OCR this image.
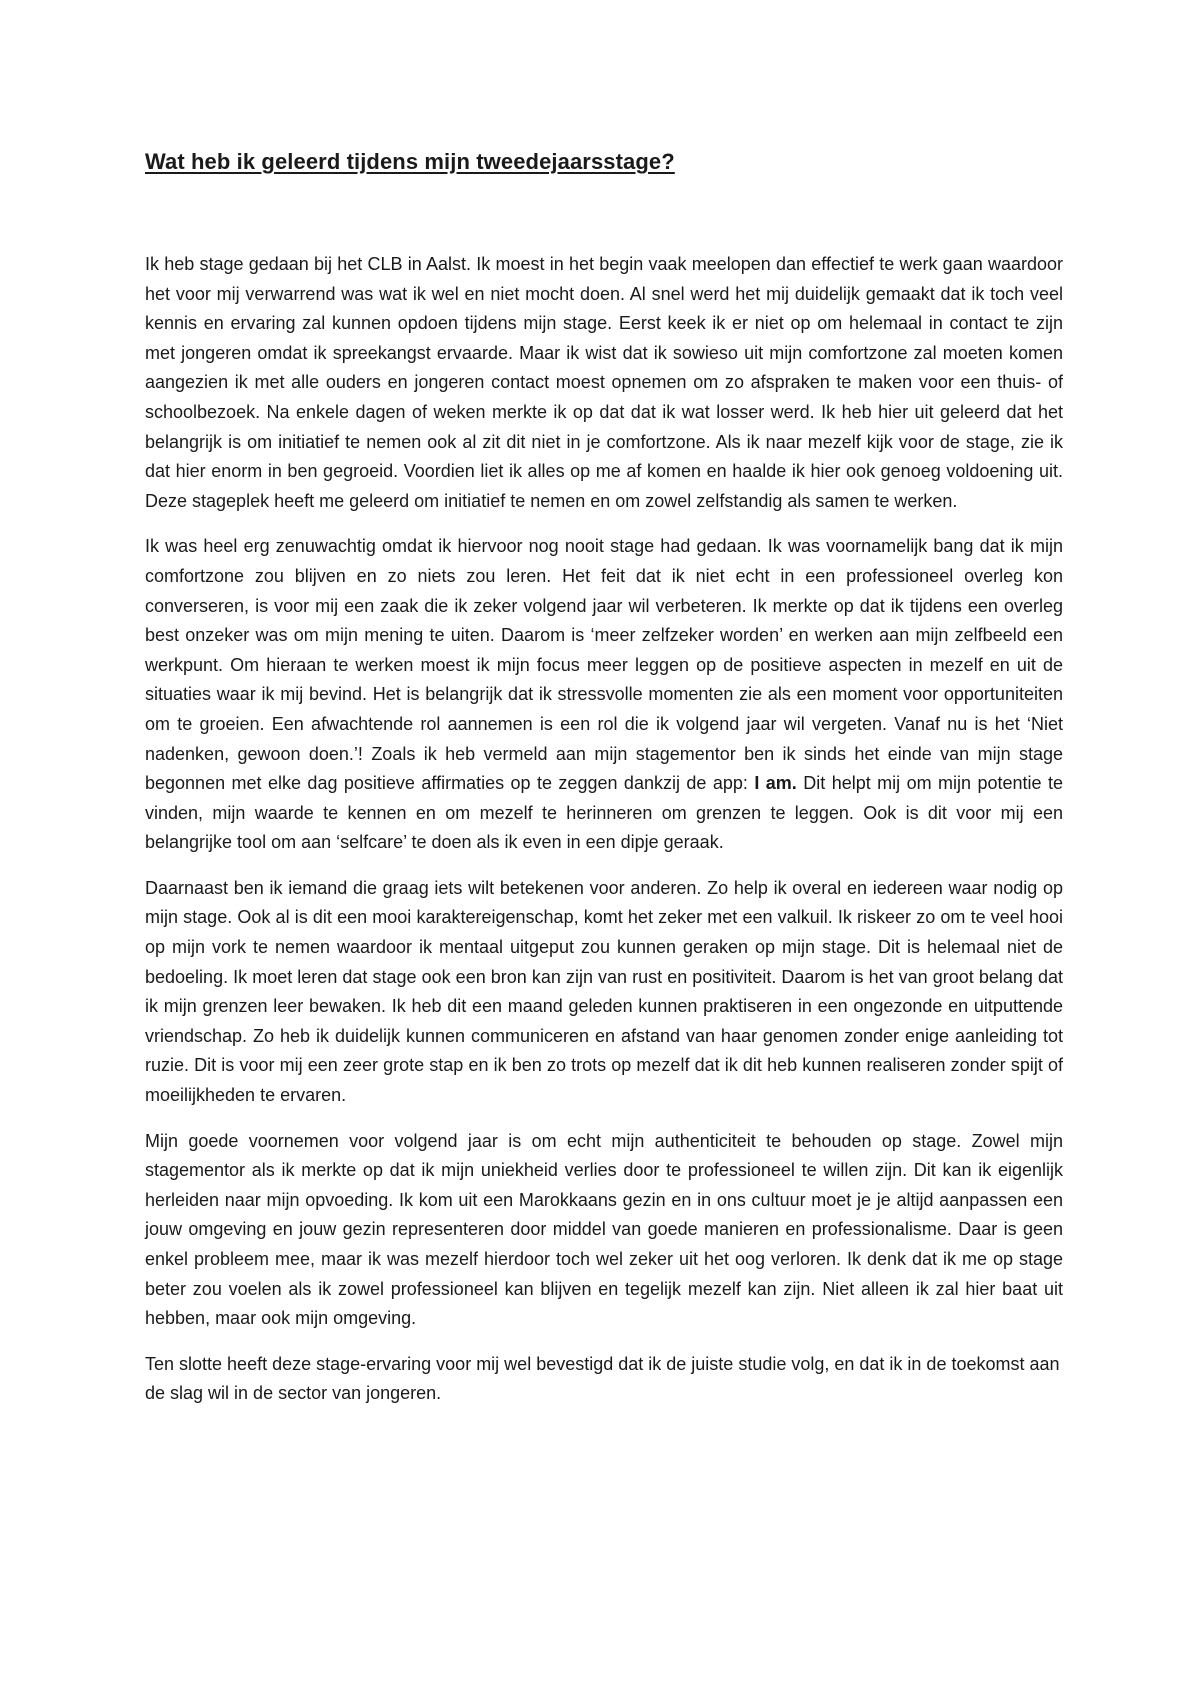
Wat heb ik geleerd tijdens mijn tweedejaarsstage?

Ik heb stage gedaan bij het CLB in Aalst. Ik moest in het begin vaak meelopen dan effectief te werk gaan waardoor het voor mij verwarrend was wat ik wel en niet mocht doen. Al snel werd het mij duidelijk gemaakt dat ik toch veel kennis en ervaring zal kunnen opdoen tijdens mijn stage. Eerst keek ik er niet op om helemaal in contact te zijn met jongeren omdat ik spreekangst ervaarde. Maar ik wist dat ik sowieso uit mijn comfortzone zal moeten komen aangezien ik met alle ouders en jongeren contact moest opnemen om zo afspraken te maken voor een thuis- of schoolbezoek. Na enkele dagen of weken merkte ik op dat dat ik wat losser werd. Ik heb hier uit geleerd dat het belangrijk is om initiatief te nemen ook al zit dit niet in je comfortzone. Als ik naar mezelf kijk voor de stage, zie ik dat hier enorm in ben gegroeid. Voordien liet ik alles op me af komen en haalde ik hier ook genoeg voldoening uit. Deze stageplek heeft me geleerd om initiatief te nemen en om zowel zelfstandig als samen te werken.

Ik was heel erg zenuwachtig omdat ik hiervoor nog nooit stage had gedaan. Ik was voornamelijk bang dat ik mijn comfortzone zou blijven en zo niets zou leren. Het feit dat ik niet echt in een professioneel overleg kon converseren, is voor mij een zaak die ik zeker volgend jaar wil verbeteren. Ik merkte op dat ik tijdens een overleg best onzeker was om mijn mening te uiten. Daarom is ‘meer zelfzeker worden’ en werken aan mijn zelfbeeld een werkpunt. Om hieraan te werken moest ik mijn focus meer leggen op de positieve aspecten in mezelf en uit de situaties waar ik mij bevind. Het is belangrijk dat ik stressvolle momenten zie als een moment voor opportuniteiten om te groeien. Een afwachtende rol aannemen is een rol die ik volgend jaar wil vergeten. Vanaf nu is het ‘Niet nadenken, gewoon doen.’! Zoals ik heb vermeld aan mijn stagementor ben ik sinds het einde van mijn stage begonnen met elke dag positieve affirmaties op te zeggen dankzij de app: I am. Dit helpt mij om mijn potentie te vinden, mijn waarde te kennen en om mezelf te herinneren om grenzen te leggen. Ook is dit voor mij een belangrijke tool om aan ‘selfcare’ te doen als ik even in een dipje geraak.

Daarnaast ben ik iemand die graag iets wilt betekenen voor anderen. Zo help ik overal en iedereen waar nodig op mijn stage. Ook al is dit een mooi karaktereigenschap, komt het zeker met een valkuil. Ik riskeer zo om te veel hooi op mijn vork te nemen waardoor ik mentaal uitgeput zou kunnen geraken op mijn stage. Dit is helemaal niet de bedoeling. Ik moet leren dat stage ook een bron kan zijn van rust en positiviteit. Daarom is het van groot belang dat ik mijn grenzen leer bewaken. Ik heb dit een maand geleden kunnen praktiseren in een ongezonde en uitputtende vriendschap. Zo heb ik duidelijk kunnen communiceren en afstand van haar genomen zonder enige aanleiding tot ruzie. Dit is voor mij een zeer grote stap en ik ben zo trots op mezelf dat ik dit heb kunnen realiseren zonder spijt of moeilijkheden te ervaren.

Mijn goede voornemen voor volgend jaar is om echt mijn authenticiteit te behouden op stage. Zowel mijn stagementor als ik merkte op dat ik mijn uniekheid verlies door te professioneel te willen zijn. Dit kan ik eigenlijk herleiden naar mijn opvoeding. Ik kom uit een Marokkaans gezin en in ons cultuur moet je je altijd aanpassen een jouw omgeving en jouw gezin representeren door middel van goede manieren en professionalisme. Daar is geen enkel probleem mee, maar ik was mezelf hierdoor toch wel zeker uit het oog verloren. Ik denk dat ik me op stage beter zou voelen als ik zowel professioneel kan blijven en tegelijk mezelf kan zijn. Niet alleen ik zal hier baat uit hebben, maar ook mijn omgeving.

Ten slotte heeft deze stage-ervaring voor mij wel bevestigd dat ik de juiste studie volg, en dat ik in de toekomst aan de slag wil in de sector van jongeren.
